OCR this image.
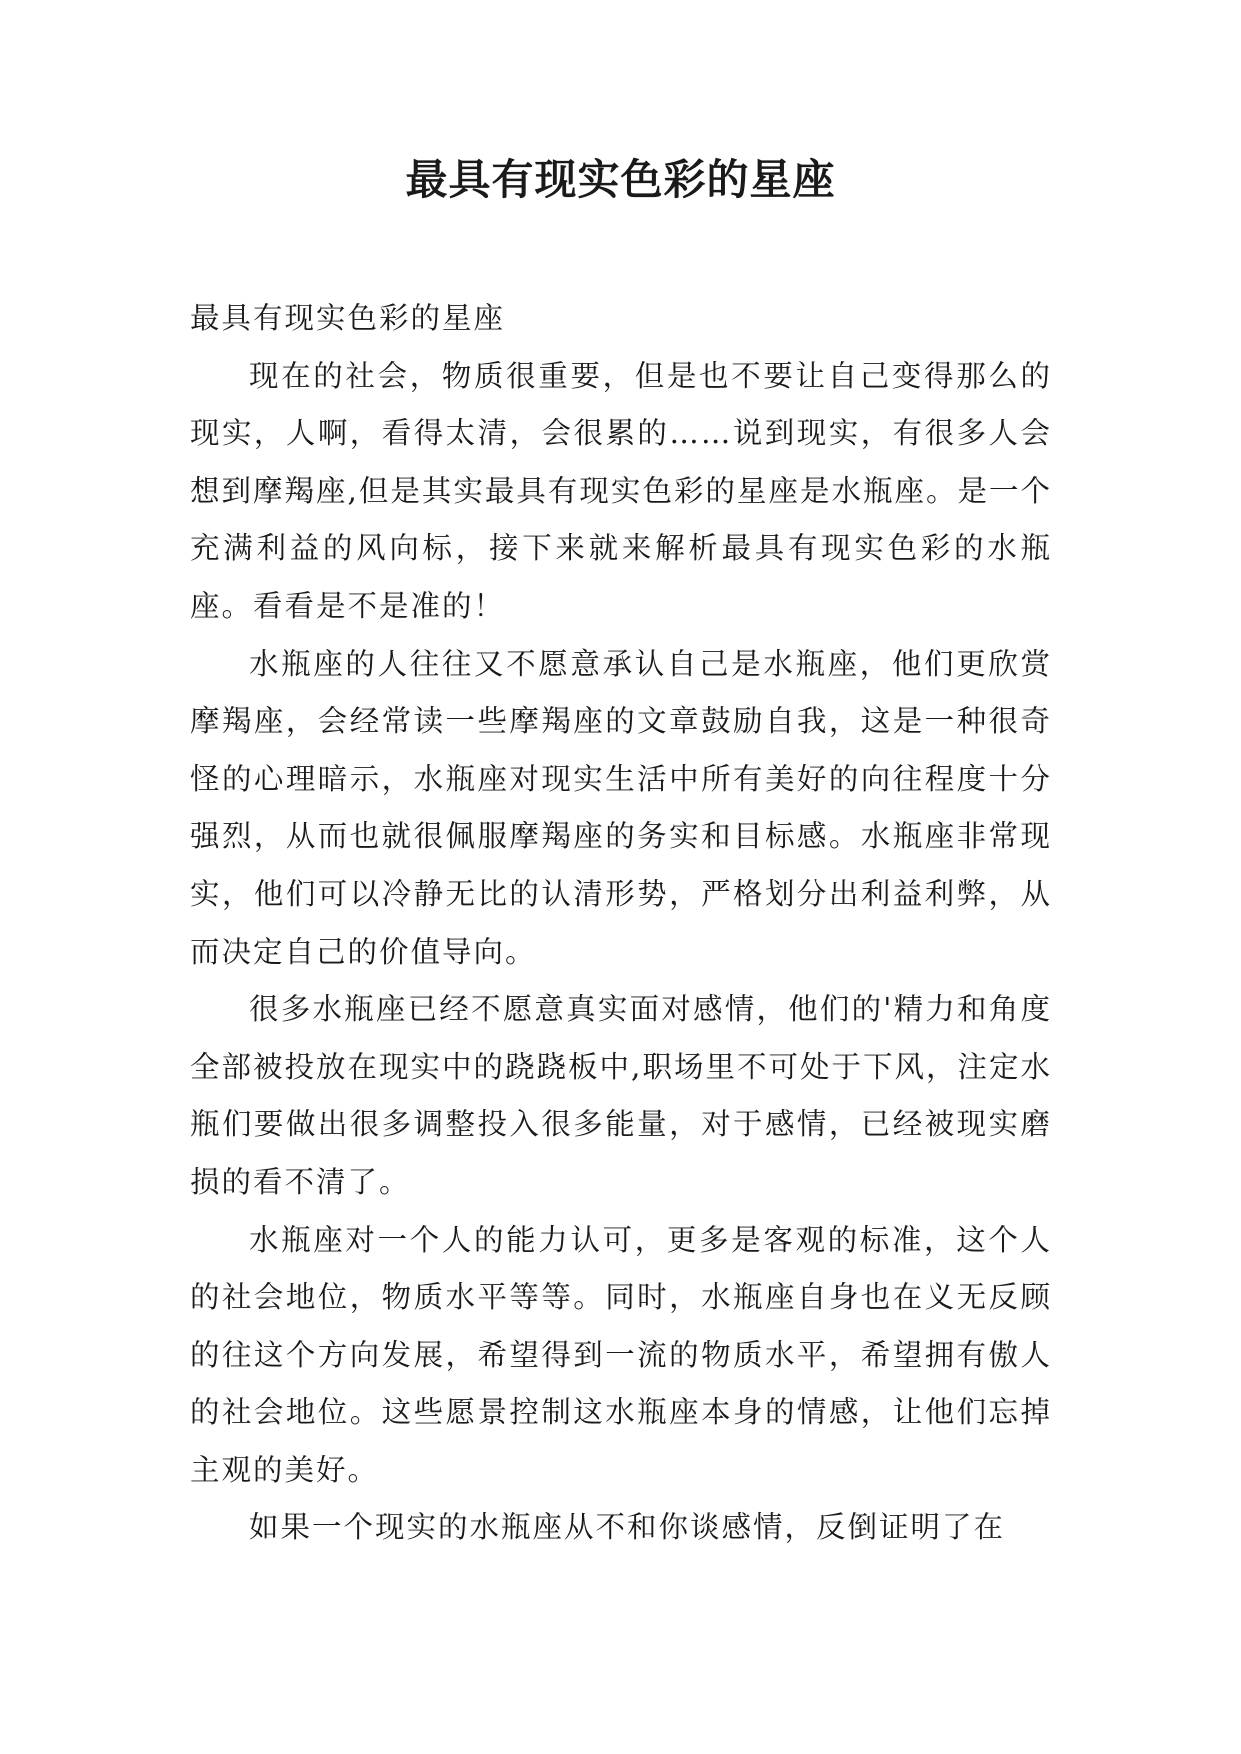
最具有现实色彩的星座

最具有现实色彩的星座

现在的社会，物质很重要，但是也不要让自己变得那么的现实，人啊，看得太清，会很累的……说到现实，有很多人会想到摩羯座,但是其实最具有现实色彩的星座是水瓶座。是一个充满利益的风向标，接下来就来解析最具有现实色彩的水瓶座。看看是不是准的！

水瓶座的人往往又不愿意承认自己是水瓶座，他们更欣赏摩羯座，会经常读一些摩羯座的文章鼓励自我，这是一种很奇怪的心理暗示，水瓶座对现实生活中所有美好的向往程度十分强烈，从而也就很佩服摩羯座的务实和目标感。水瓶座非常现实，他们可以冷静无比的认清形势，严格划分出利益利弊，从而决定自己的价值导向。

很多水瓶座已经不愿意真实面对感情，他们的'精力和角度全部被投放在现实中的跷跷板中,职场里不可处于下风，注定水瓶们要做出很多调整投入很多能量，对于感情，已经被现实磨损的看不清了。

水瓶座对一个人的能力认可，更多是客观的标准，这个人的社会地位，物质水平等等。同时，水瓶座自身也在义无反顾的往这个方向发展，希望得到一流的物质水平，希望拥有傲人的社会地位。这些愿景控制这水瓶座本身的情感，让他们忘掉主观的美好。

如果一个现实的水瓶座从不和你谈感情，反倒证明了在
